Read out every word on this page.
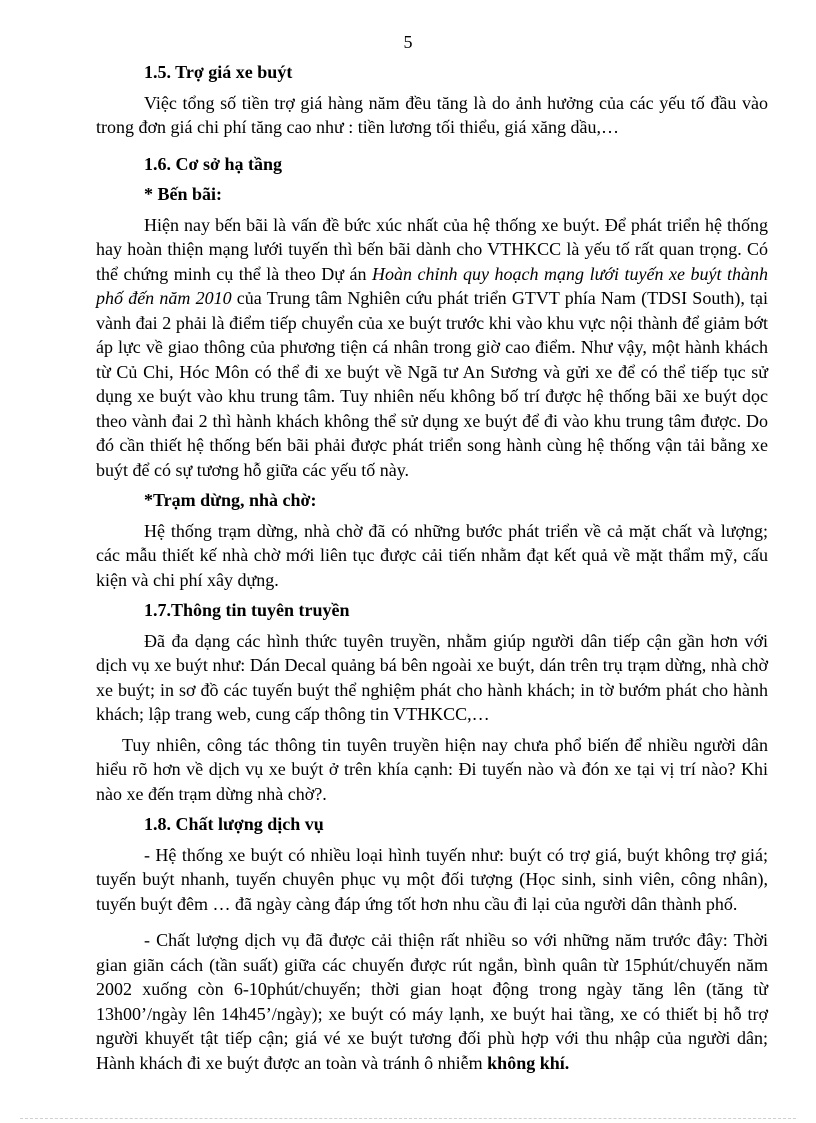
5

1.5. Trợ giá xe buýt

Việc tổng số tiền trợ giá hàng năm đều tăng là do ảnh hưởng của các yếu tố đầu vào trong đơn giá chi phí tăng cao như : tiền lương tối thiểu, giá xăng dầu,…

1.6. Cơ sở hạ tầng

* Bến bãi:

Hiện nay bến bãi là vấn đề bức xúc nhất của hệ thống xe buýt. Để phát triển hệ thống hay hoàn thiện mạng lưới tuyến thì bến bãi dành cho VTHKCC là yếu tố rất quan trọng. Có thể chứng minh cụ thể là theo Dự án Hoàn chỉnh quy hoạch mạng lưới tuyến xe buýt thành phố đến năm 2010 của Trung tâm Nghiên cứu phát triển GTVT phía Nam (TDSI South), tại vành đai 2 phải là điểm tiếp chuyển của xe buýt trước khi vào khu vực nội thành để giảm bớt áp lực về giao thông của phương tiện cá nhân trong giờ cao điểm. Như vậy, một hành khách từ Củ Chi, Hóc Môn có thể đi xe buýt về Ngã tư An Sương và gửi xe để có thể tiếp tục sử dụng xe buýt vào khu trung tâm. Tuy nhiên nếu không bố trí được hệ thống bãi xe buýt dọc theo vành đai 2 thì hành khách không thể sử dụng xe buýt để đi vào khu trung tâm được. Do đó cần thiết hệ thống bến bãi phải được phát triển song hành cùng hệ thống vận tải bằng xe buýt để có sự tương hỗ giữa các yếu tố này.

*Trạm dừng, nhà chờ:

Hệ thống trạm dừng, nhà chờ đã có những bước phát triển về cả mặt chất và lượng; các mẫu thiết kế nhà chờ mới liên tục được cải tiến nhằm đạt kết quả về mặt thẩm mỹ, cấu kiện và chi phí xây dựng.

1.7.Thông tin tuyên truyền

Đã đa dạng các hình thức tuyên truyền, nhằm giúp người dân tiếp cận gần hơn với dịch vụ xe buýt như: Dán Decal quảng bá bên ngoài xe buýt, dán trên trụ trạm dừng, nhà chờ xe buýt; in sơ đồ các tuyến buýt thể nghiệm phát cho hành khách; in tờ bướm phát cho hành khách; lập trang web, cung cấp thông tin VTHKCC,…

Tuy nhiên, công tác thông tin tuyên truyền hiện nay chưa phổ biến để nhiều người dân hiểu rõ hơn về dịch vụ xe buýt ở trên khía cạnh: Đi tuyến nào và đón xe tại vị trí nào? Khi nào xe đến trạm dừng nhà chờ?.

1.8. Chất lượng dịch vụ

- Hệ thống xe buýt có nhiều loại hình tuyến như: buýt có trợ giá, buýt không trợ giá; tuyến buýt nhanh, tuyến chuyên phục vụ một đối tượng (Học sinh, sinh viên, công nhân), tuyến buýt đêm … đã ngày càng đáp ứng tốt hơn nhu cầu đi lại của người dân thành phố.

- Chất lượng dịch vụ đã được cải thiện rất nhiều so với những năm trước đây: Thời gian giãn cách (tần suất) giữa các chuyến được rút ngắn, bình quân từ 15phút/chuyến năm 2002 xuống còn 6-10phút/chuyến; thời gian hoạt động trong ngày tăng lên (tăng từ 13h00’/ngày lên 14h45’/ngày); xe buýt có máy lạnh, xe buýt hai tầng, xe có thiết bị hỗ trợ người khuyết tật tiếp cận; giá vé xe buýt tương đối phù hợp với thu nhập của người dân; Hành khách đi xe buýt được an toàn và tránh ô nhiễm không khí.
